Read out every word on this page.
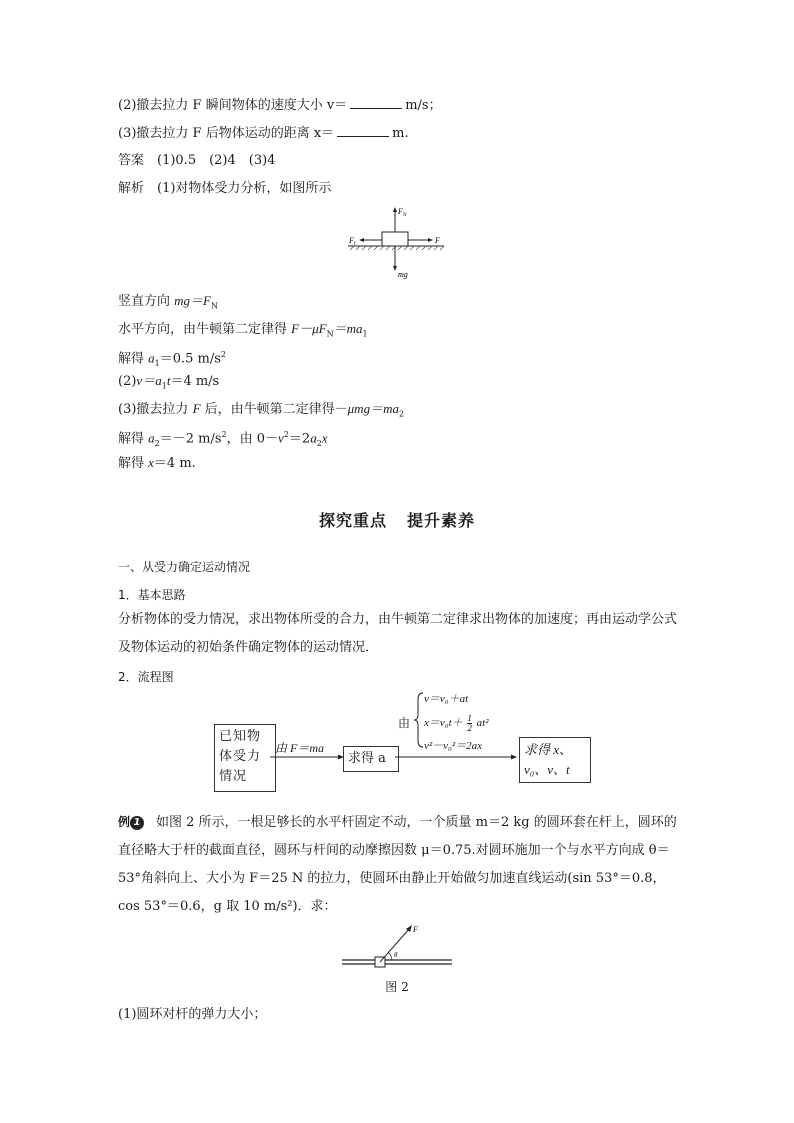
(2)撤去拉力 F 瞬间物体的速度大小 v＝	m/s；
(3)撤去拉力 F 后物体运动的距离 x＝	m.
答案　(1)0.5　(2)4　(3)4
解析　(1)对物体受力分析，如图所示
F N
F f	F
mg
竖直方向 $mg=F_N$
水平方向，由牛顿第二定律得 $F-\mu F_N=ma_1$
解得 $a_1=0.5$ $m/s^2$
$(2)v=a_1t=4$ m/s
(3)撤去拉力 F 后，由牛顿第二定律得$-\mu mg=ma_2$
解得 $a_2=-2$ $m/s^2$，由 $0-v^2=2a_2x$
解得 x＝4 m.
探究重点 提升素养
一、从受力确定运动情况
1．基本思路
分析物体的受力情况，求出物体所受的合力，由牛顿第二定律求出物体的加速度；再由运动学公式及物体运动的初始条件确定物体的运动情况．
2．流程图
已知物体受力情况
由 F＝ma
求得 a
由
v＝v₀＋at
$x=v_0t+ \frac{1}{2} at^2$
v²－v₀²＝2ax	求得 x、
v₀、v、t
例 1 如图 2 所示，一根足够长的水平杆固定不动，一个质量 m＝2 kg 的圆环套在杆上，圆环的直径略大于杆的截面直径，圆环与杆间的动摩擦因数 μ＝0.75.对圆环施加一个与水平方向成 θ＝53°角斜向上、大小为 F＝25 N 的拉力，使圆环由静止开始做匀加速直线运动(sin 53°＝0.8，cos 53°＝0.6，g 取 10 m/s²)．求：
F
θ
图 2
(1)圆环对杆的弹力大小；
